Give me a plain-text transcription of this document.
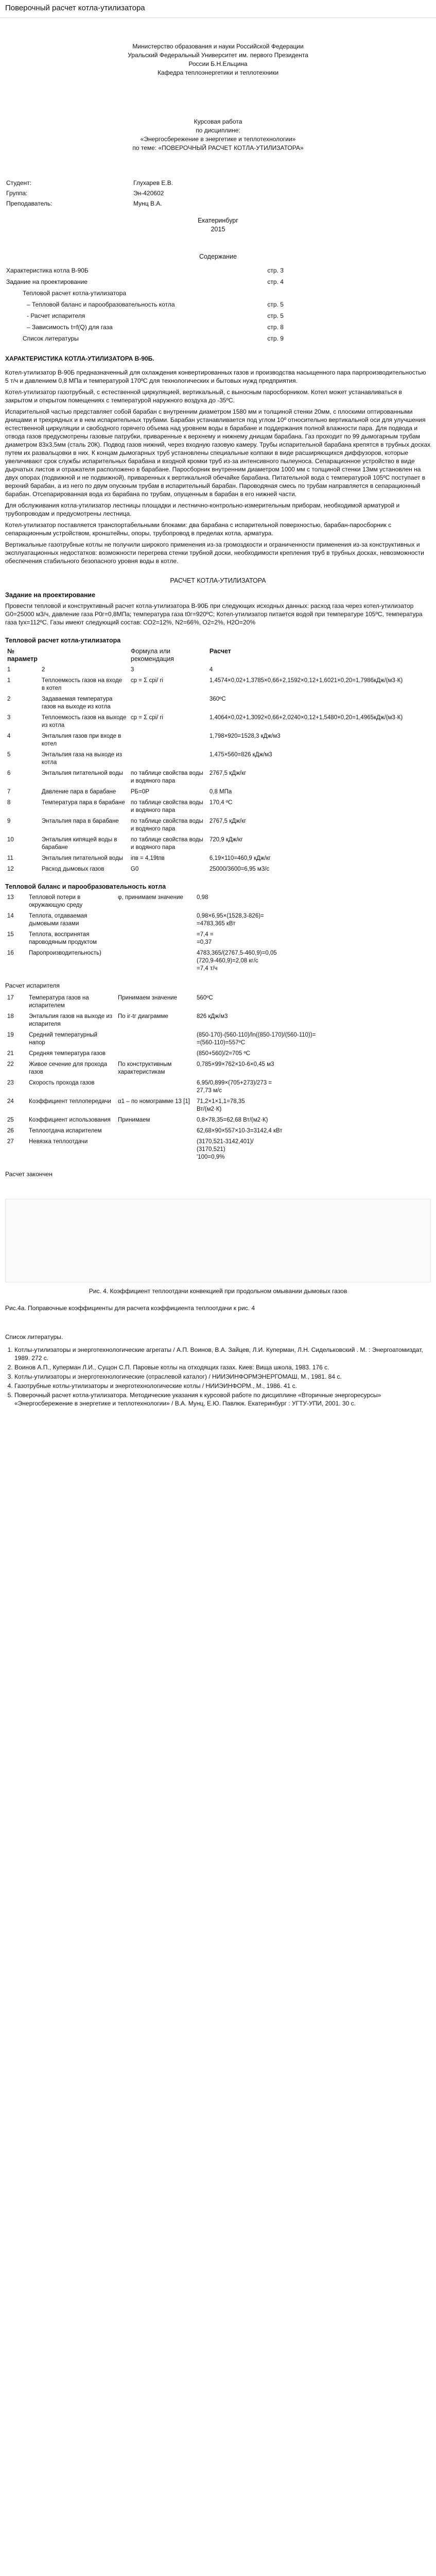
Поверочный расчет котла-утилизатора

Министерство образования и науки Российской Федерации

Уральский Федеральный Университет им. первого Президента

России Б.Н.Ельцина

Кафедра теплоэнергетики и теплотехники

Курсовая работа

по дисциплине:

«Энергосбережение в энергетике и теплотехнологии»

по теме: «ПОВЕРОЧНЫЙ РАСЧЕТ КОТЛА-УТИЛИЗАТОРА»

Студент:	Глухарев Е.В.
Группа:	Эн-420602
Преподаватель:	Мунц В.А.

Екатеринбург

2015

Содержание

Характеристика котла В-90Б	стр. 3
Задание на проектирование	стр. 4
Тепловой расчет котла-утилизатора	
– Тепловой баланс и парообразовательность котла	стр. 5
- Расчет испарителя	стр. 5
– Зависимость t=f(Q) для газа	стр. 8
Список литературы	стр. 9

ХАРАКТЕРИСТИКА КОТЛА-УТИЛИЗАТОРА В-90Б.

Котел-утилизатор В-90Б предназначенный для охлаждения конвертированных газов и производства насыщенного пара парпроизводительностью 5 т/ч и давлением 0,8 МПа и температурой 170ºС для технологических и бытовых нужд предприятия.

Котел-утилизатор газотрубный, с естественной циркуляцией, вертикальный, с выносным паросборником. Котел может устанавливаться в закрытом и открытом помещениях с температурой наружного воздуха до -35ºС.

Испарительной частью представляет собой барабан с внутренним диаметром 1580 мм и толщиной стенки 20мм, с плоскими оптированными днищами и трехрядных и в нем испарительных трубами. Барабан устанавливается под углом 10º относительно вертикальной оси для улучшения естественной циркуляции и свободного горячего объема над уровнем воды в барабане и поддержания полной влажности пара. Для подвода и отвода газов предусмотрены газовые патрубки, приваренные к верхнему и нижнему днищам барабана. Газ проходит по 99 дымогарным трубам диаметром 83х3,5мм (сталь 20К). Подвод газов нижний, через входную газовую камеру. Трубы испарительной барабана крепятся в трубных досках путем их развальцовки в них. К концам дымогарных труб установлены специальные колпаки в виде расширяющихся диффузоров, которые увеличивают срок службы испарительных барабана и входной кромки труб из-за интенсивного пылеуноса. Сепарационное устройство в виде дырчатых листов и отражателя расположено в барабане. Паросборник внутренним диаметром 1000 мм с толщиной стенки 13мм установлен на двух опорах (подвижной и не подвижной), приваренных к вертикальной обечайке барабана. Питательной вода с температурой 105ºС поступает в верхний барабан, а из него по двум опускным трубам в испарительный барабан. Пароводяная смесь по трубам направляется в сепарационный барабан. Отсепарированная вода из барабана по трубам, опущенным в барабан в его нижней части.

Для обслуживания котла-утилизатор лестницы площадки и лестнично-контрольно-измерительным приборам, необходимой арматурой и трубопроводам и предусмотрены лестница.

Котел-утилизатор поставляется транспортабельными блоками: два барабана с испарительной поверхностью, барабан-паросборник с сепарационным устройством, кронштейны, опоры, трубопровод в пределах котла, арматура.

Вертикальные газотрубные котлы не получили широкого применения из-за громоздкости и ограниченности применения из-за конструктивных и эксплуатационных недостатков: возможности перегрева стенки трубной доски, необходимости крепления труб в трубных досках, невозможности обеспечения стабильного безопасного уровня воды в котле.

РАСЧЕТ КОТЛА-УТИЛИЗАТОРА

Задание на проектирование

Провести тепловой и конструктивный расчет котла-утилизатора В-90Б при следующих исходных данных: расход газа через котел-утилизатор G0=25000 м3/ч, давление газа P0г=0,8МПа; температура газа t0г=920ºС; Котел-утилизатор питается водой при температуре 105ºС, температура газа tух=112ºС. Газы имеют следующий состав: СО2=12%, N2=66%, О2=2%, Н2О=20%

Тепловой расчет котла-утилизатора

№ параметр		Формула или
рекомендация	Расчет
1	2	3	4
1	Теплоемкость газов на входе в котел	cp = Σ cpi/ ri	1,4574×0,02+1,3785×0,66+2,1592×0,12+1,6021×0,20=1,7986кДж/(м3·К)
2	Задаваемая температура газов на выходе из котла		360ºС
3	Теплоемкость газов на выходе из котла	cp = Σ cpi/ ri	1,4064×0,02+1,3092×0,66+2,0240×0,12+1,5480×0,20=1,4965кДж/(м3·К)
4	Энтальпия газов при входе в котел		1,798×920=1528,3 кДж/м3
5	Энтальпия газа на выходе из котла		1,475×560=826 кДж/м3
6	Энтальпия питательной воды	по таблице свойства воды и водяного пара	2767,5 кДж/кг
7	Давление пара в барабане	PБ=0Р	0,8 МПа
8	Температура пара в барабане	по таблице свойства воды и водяного пара	170,4 ºС
9	Энтальпия пара в барабане	по таблице свойства воды и водяного пара	2767,5 кДж/кг
10	Энтальпия кипящей воды в барабане	по таблице свойства воды и водяного пара	720,9 кДж/кг
11	Энтальпия питательной воды	iпв = 4,19tпв	6,19×110=460,9 кДж/кг
12	Расход дымовых газов	G0	25000/3600=6,95 м3/с

Тепловой баланс и парообразовательность котла

13	Тепловой потери в окружающую среду	φ, принимаем значение	0,98
14	Теплота, отдаваемая дымовыми газами		0,98×6,95×(1528,3-826)=
=4783,365 кВт
15	Теплота, воспринятая пароводяным продуктом		=7,4 =
=0,37
16	Паропроизводительность)		4783,365/(2767,5-460,9)=0,05
(720,9-460,9)=2,08 кг/с
=7,4 т/ч

Расчет испарителя

17	Температура газов на испарителем	Принимаем значение	560ºС
18	Энтальпия газов на выходе из испарителя	По iг-tг диаграмме	826 кДж/м3
19	Средний температурный напор		(850-170)-(560-110)/ln((850-170)/(560-110))=
=(560-110)=557ºС
21	Средняя температура газов		(850+560)/2=705 ºС
22	Живое сечение для прохода газов	По конструктивным характеристикам	0,785×99×762×10-6×0,45 м3
23	Скорость прохода газов		6,95/0,899×(705+273)/273 =
27,73 м/с
24	Коэффициент теплопередачи	α1 – по номограмме 13 [1]	71,2×1×1,1=78,35
Вт/(м2·К)
25	Коэффициент использования	Принимаем	0,8×78,35=62,68 Вт/(м2·К)
26	Теплоотдача испарителем		62,68×90×557×10-3=3142,4 кВт
27	Невязка теплоотдачи		(3170,521-3142,401)/
(3170,521)
'100=0,9%

Расчет закончен

Рис. 4. Коэффициент теплоотдачи конвекцией при продольном омывании дымовых газов

Рис.4а. Поправочные коэффициенты для расчета коэффициента теплоотдачи к рис. 4

Список литературы.

1. Котлы-утилизаторы и энерготехнологические агрегаты / А.П. Воинов, В.А. Зайцев, Л.И. Куперман, Л.Н. Сидельковский . М. : Энергоатомиздат, 1989. 272 с.
2. Воинов А.П., Куперман Л.И., Сущон С.П. Паровые котлы на отходящих газах. Киев: Вища школа, 1983. 176 с.
3. Котлы-утилизаторы и энерготехнологические (отраслевой каталог) / НИИЭИНФОРМЭНЕРГОМАШ, М., 1981. 84 с.
4. Газотрубные котлы-утилизаторы и энерготехнологические котлы / НИИЭИНФОРМ., М., 1986. 41 с.
5. Поверочный расчет котла-утилизатора. Методические указания к курсовой работе по дисциплине «Вторичные энергоресурсы» «Энергосбережение в энергетике и теплотехнологии» / В.А. Мунц, Е.Ю. Павлюк. Екатеринбург : УГТУ-УПИ, 2001. 30 с.
